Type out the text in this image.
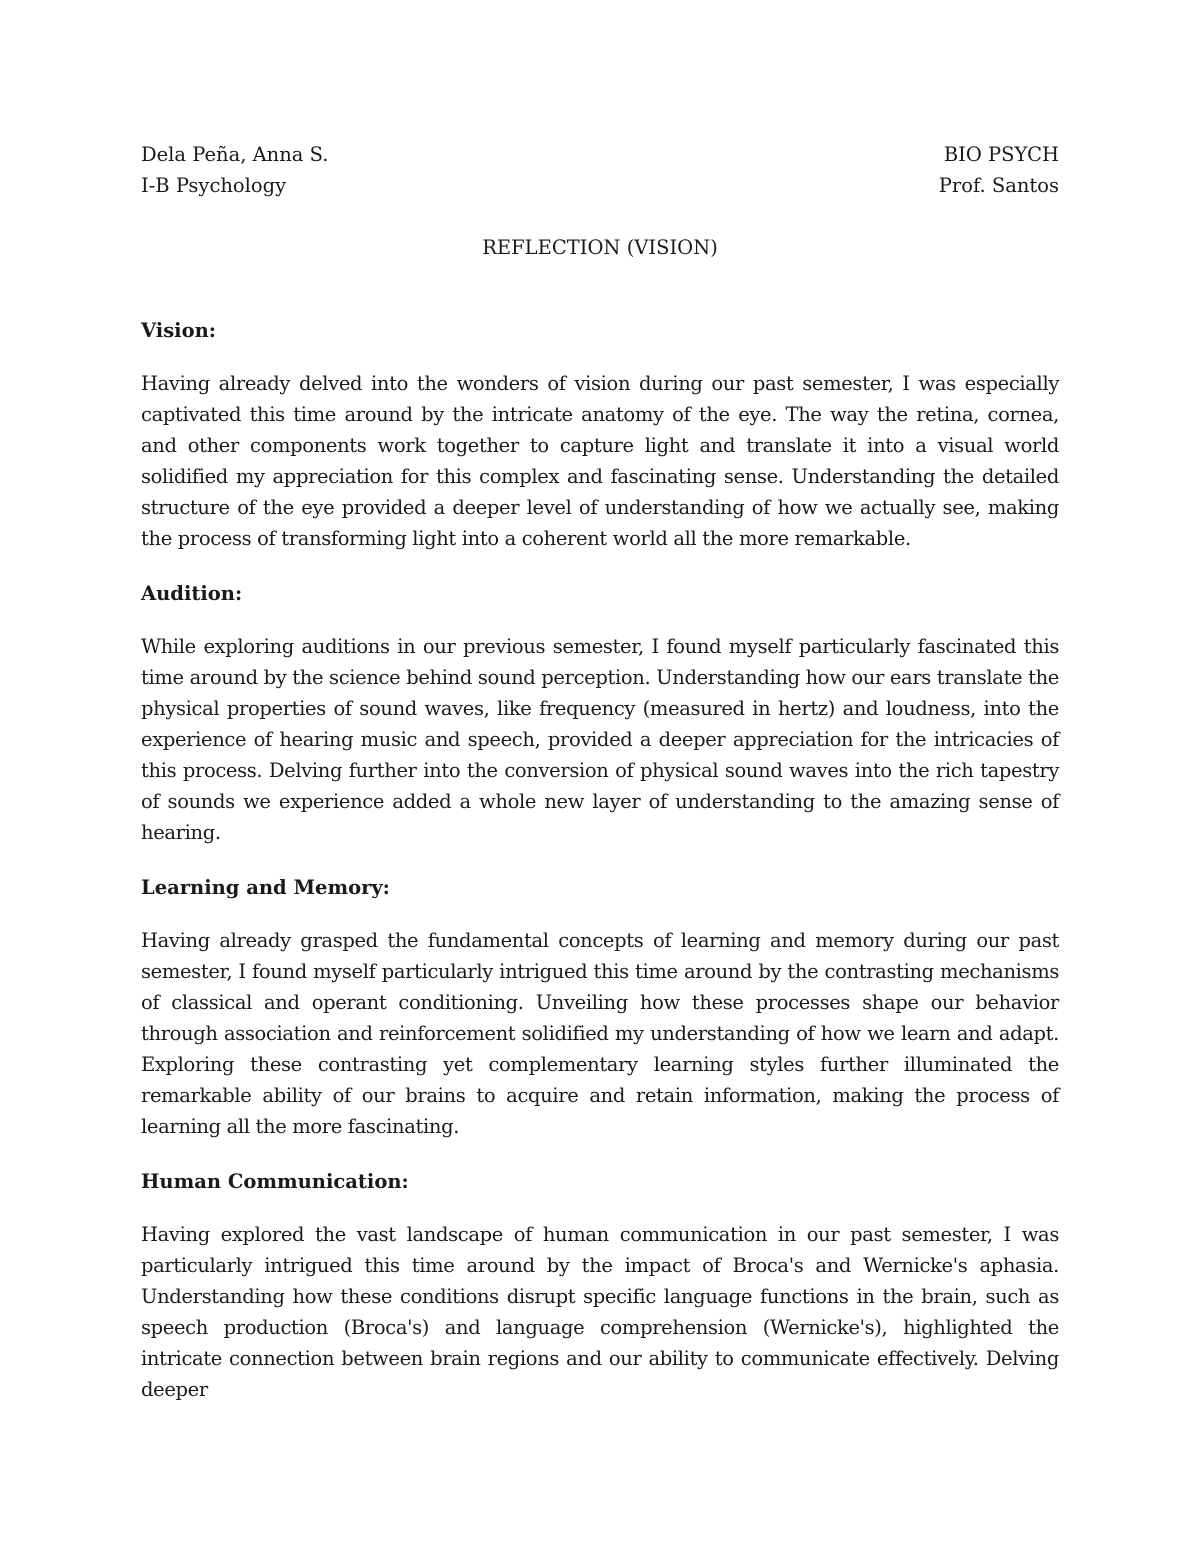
Dela Peña, Anna S.	BIO PSYCH
I-B Psychology	Prof. Santos
REFLECTION (VISION)

Vision:

Having already delved into the wonders of vision during our past semester, I was especially captivated this time around by the intricate anatomy of the eye. The way the retina, cornea, and other components work together to capture light and translate it into a visual world solidified my appreciation for this complex and fascinating sense. Understanding the detailed structure of the eye provided a deeper level of understanding of how we actually see, making the process of transforming light into a coherent world all the more remarkable.

Audition:

While exploring auditions in our previous semester, I found myself particularly fascinated this time around by the science behind sound perception. Understanding how our ears translate the physical properties of sound waves, like frequency (measured in hertz) and loudness, into the experience of hearing music and speech, provided a deeper appreciation for the intricacies of this process. Delving further into the conversion of physical sound waves into the rich tapestry of sounds we experience added a whole new layer of understanding to the amazing sense of hearing.

Learning and Memory:

Having already grasped the fundamental concepts of learning and memory during our past semester, I found myself particularly intrigued this time around by the contrasting mechanisms of classical and operant conditioning. Unveiling how these processes shape our behavior through association and reinforcement solidified my understanding of how we learn and adapt. Exploring these contrasting yet complementary learning styles further illuminated the remarkable ability of our brains to acquire and retain information, making the process of learning all the more fascinating.

Human Communication:

Having explored the vast landscape of human communication in our past semester, I was particularly intrigued this time around by the impact of Broca's and Wernicke's aphasia. Understanding how these conditions disrupt specific language functions in the brain, such as speech production (Broca's) and language comprehension (Wernicke's), highlighted the intricate connection between brain regions and our ability to communicate effectively. Delving deeper
